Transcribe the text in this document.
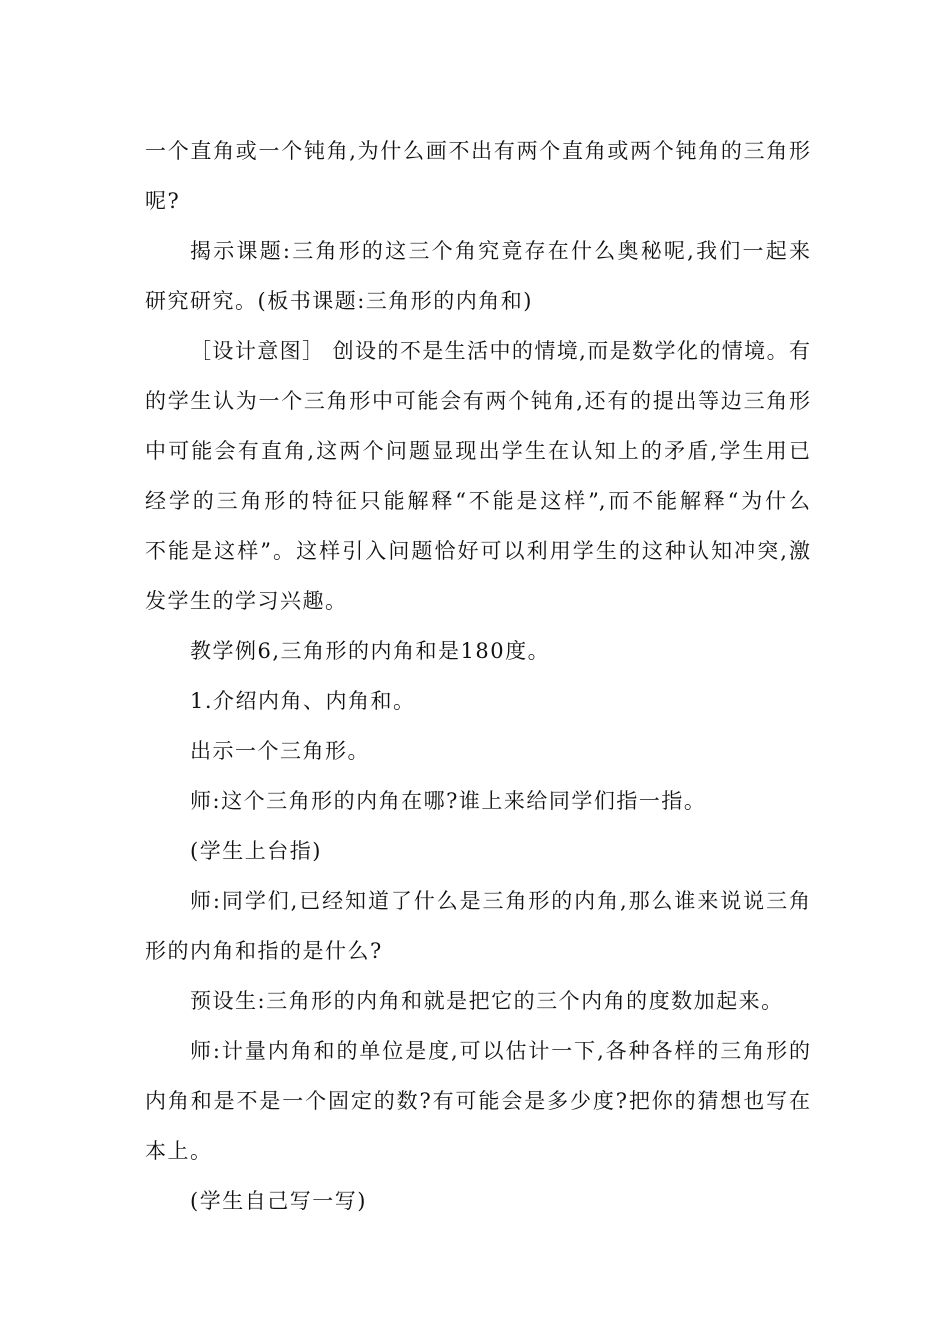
一个直角或一个钝角,为什么画不出有两个直角或两个钝角的三角形
呢?
揭示课题:三角形的这三个角究竟存在什么奥秘呢,我们一起来
研究研究。(板书课题:三角形的内角和)
［设计意图］ 创设的不是生活中的情境,而是数学化的情境。有
的学生认为一个三角形中可能会有两个钝角,还有的提出等边三角形
中可能会有直角,这两个问题显现出学生在认知上的矛盾,学生用已
经学的三角形的特征只能解释“不能是这样”,而不能解释“为什么
不能是这样”。这样引入问题恰好可以利用学生的这种认知冲突,激
发学生的学习兴趣。
教学例6,三角形的内角和是180度。
1.介绍内角、内角和。
出示一个三角形。
师:这个三角形的内角在哪?谁上来给同学们指一指。
(学生上台指)
师:同学们,已经知道了什么是三角形的内角,那么谁来说说三角
形的内角和指的是什么?
预设生:三角形的内角和就是把它的三个内角的度数加起来。
师:计量内角和的单位是度,可以估计一下,各种各样的三角形的
内角和是不是一个固定的数?有可能会是多少度?把你的猜想也写在
本上。
(学生自己写一写)
